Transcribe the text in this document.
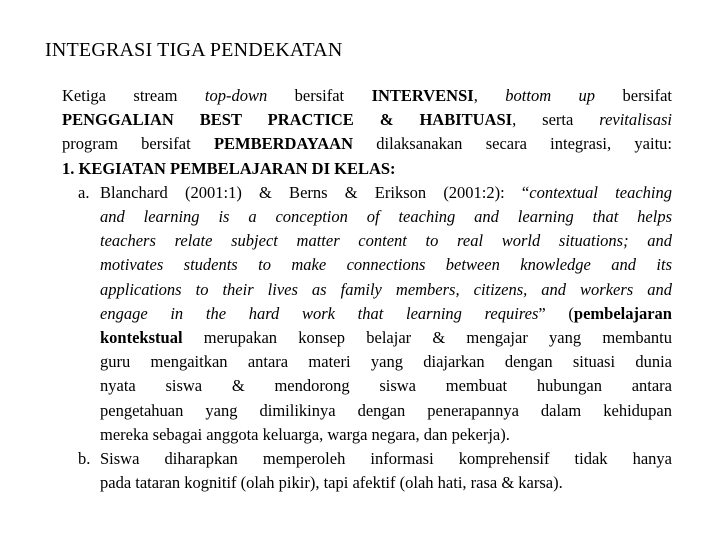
INTEGRASI TIGA PENDEKATAN
Ketiga stream top-down bersifat INTERVENSI, bottom up bersifat
PENGGALIAN BEST PRACTICE & HABITUASI, serta revitalisasi
program bersifat PEMBERDAYAAN dilaksanakan secara integrasi, yaitu:

1. KEGIATAN PEMBELAJARAN DI KELAS:

a. Blanchard (2001:1) & Berns & Erikson (2001:2): “contextual teaching
and learning is a conception of teaching and learning that helps
teachers relate subject matter content to real world situations; and
motivates students to make connections between knowledge and its
applications to their lives as family members, citizens, and workers and
engage in the hard work that learning requires” (pembelajaran
kontekstual merupakan konsep belajar & mengajar yang membantu
guru mengaitkan antara materi yang diajarkan dengan situasi dunia
nyata siswa & mendorong siswa membuat hubungan antara
pengetahuan yang dimilikinya dengan penerapannya dalam kehidupan
mereka sebagai anggota keluarga, warga negara, dan pekerja).
b. Siswa diharapkan memperoleh informasi komprehensif tidak hanya
pada tataran kognitif (olah pikir), tapi afektif (olah hati, rasa & karsa).
